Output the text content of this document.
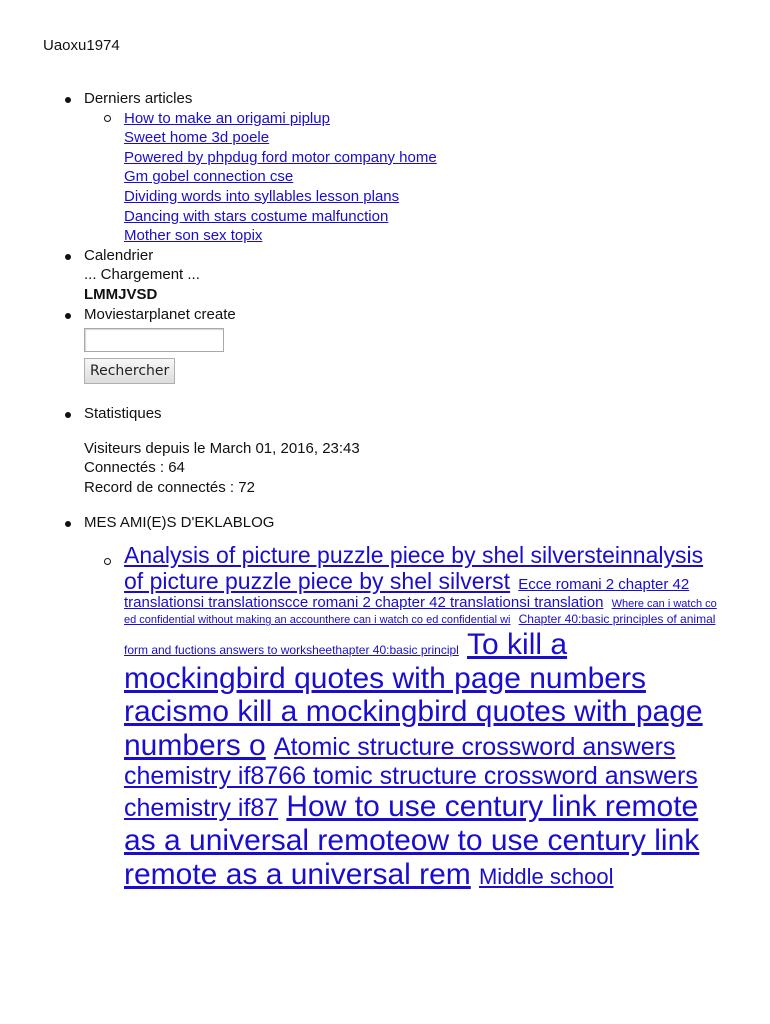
Uaoxu1974
Derniers articles
How to make an origami piplup
Sweet home 3d poele
Powered by phpdug ford motor company home
Gm gobel connection cse
Dividing words into syllables lesson plans
Dancing with stars costume malfunction
Mother son sex topix
Calendrier
... Chargement ...
LMMJVSD
Moviestarplanet create
Rechercher
Statistiques
Visiteurs depuis le March 01, 2016, 23:43
Connectés : 64
Record de connectés : 72
MES AMI(E)S D'EKLABLOG
Analysis of picture puzzle piece by shel silversteinnalysis of picture puzzle piece by shel silverst Ecce romani 2 chapter 42 translationsi translationscce romani 2 chapter 42 translationsi translation Where can i watch co ed confidential without making an accounthere can i watch co ed confidential wi Chapter 40:basic principles of animal form and fuctions answers to worksheethapter 40:basic principl To kill a mockingbird quotes with page numbers racismo kill a mockingbird quotes with page numbers o Atomic structure crossword answers chemistry if8766 tomic structure crossword answers chemistry if87 How to use century link remote as a universal remoteow to use century link remote as a universal rem Middle school
